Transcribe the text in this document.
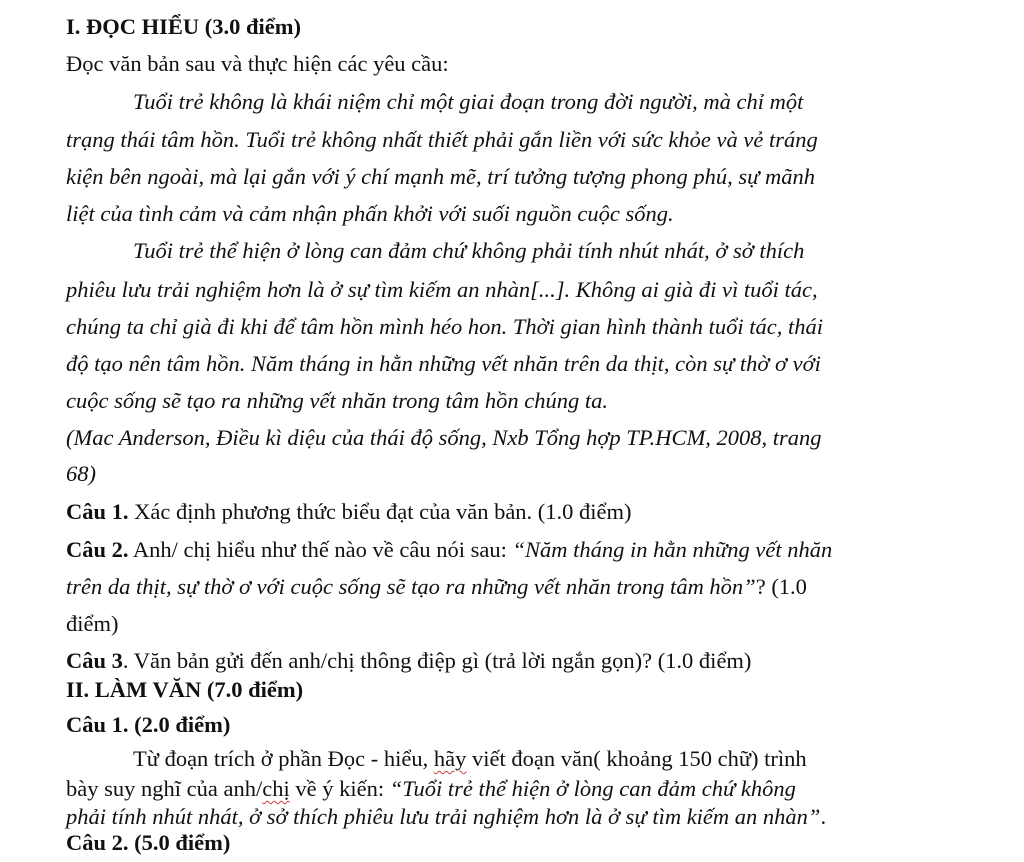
I. ĐỌC HIỂU (3.0 điểm)
Đọc văn bản sau và thực hiện các yêu cầu:
Tuổi trẻ không là khái niệm chỉ một giai đoạn trong đời người, mà chỉ một
trạng thái tâm hồn. Tuổi trẻ không nhất thiết phải gắn liền với sức khỏe và vẻ tráng
kiện bên ngoài, mà lại gắn với ý chí mạnh mẽ, trí tưởng tượng phong phú, sự mãnh
liệt của tình cảm và cảm nhận phấn khởi với suối nguồn cuộc sống.
Tuổi trẻ thể hiện ở lòng can đảm chứ không phải tính nhút nhát, ở sở thích
phiêu lưu trải nghiệm hơn là ở sự tìm kiếm an nhàn[...]. Không ai già đi vì tuổi tác,
chúng ta chỉ già đi khi để tâm hồn mình héo hon. Thời gian hình thành tuổi tác, thái
độ tạo nên tâm hồn. Năm tháng in hằn những vết nhăn trên da thịt, còn sự thờ ơ với
cuộc sống sẽ tạo ra những vết nhăn trong tâm hồn chúng ta.
(Mac Anderson, Điều kì diệu của thái độ sống, Nxb Tổng hợp TP.HCM, 2008, trang
68)
Câu 1. Xác định phương thức biểu đạt của văn bản. (1.0 điểm)
Câu 2. Anh/ chị hiểu như thế nào về câu nói sau: “Năm tháng in hằn những vết nhăn
trên da thịt, sự thờ ơ với cuộc sống sẽ tạo ra những vết nhăn trong tâm hồn”? (1.0
điểm)
Câu 3. Văn bản gửi đến anh/chị thông điệp gì (trả lời ngắn gọn)? (1.0 điểm)
II. LÀM VĂN (7.0 điểm)
Câu 1. (2.0 điểm)
Từ đoạn trích ở phần Đọc - hiểu, hãy viết đoạn văn( khoảng 150 chữ) trình
bày suy nghĩ của anh/chị về ý kiến: “Tuổi trẻ thể hiện ở lòng can đảm chứ không
phải tính nhút nhát, ở sở thích phiêu lưu trải nghiệm hơn là ở sự tìm kiếm an nhàn”.
Câu 2. (5.0 điểm)
